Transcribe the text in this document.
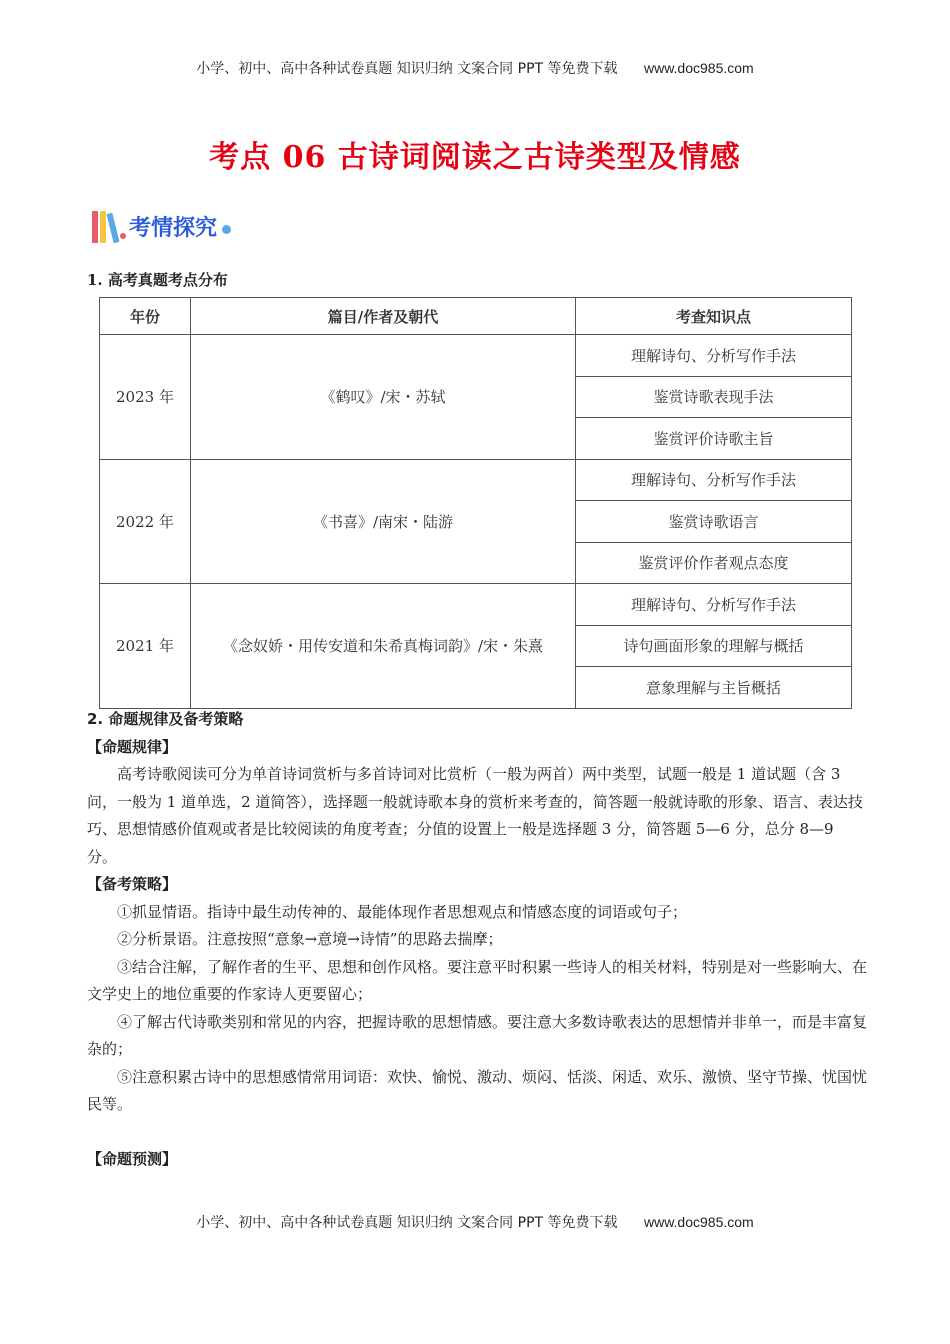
小学、初中、高中各种试卷真题 知识归纳 文案合同 PPT 等免费下载 www.doc985.com
考点 06 古诗词阅读之古诗类型及情感
考情探究
1. 高考真题考点分布
年份	篇目/作者及朝代	考查知识点
2023 年	《鹤叹》/宋・苏轼	理解诗句、分析写作手法
		鉴赏诗歌表现手法
		鉴赏评价诗歌主旨
2022 年	《书喜》/南宋・陆游	理解诗句、分析写作手法
		鉴赏诗歌语言
		鉴赏评价作者观点态度
2021 年	《念奴娇・用传安道和朱希真梅词韵》/宋・朱熹	理解诗句、分析写作手法
		诗句画面形象的理解与概括
		意象理解与主旨概括

2. 命题规律及备考策略

【命题规律】

高考诗歌阅读可分为单首诗词赏析与多首诗词对比赏析（一般为两首）两中类型，试题一般是 1 道试题（含 3 问，一般为 1 道单选，2 道简答），选择题一般就诗歌本身的赏析来考查的，简答题一般就诗歌的形象、语言、表达技巧、思想情感价值观或者是比较阅读的角度考查；分值的设置上一般是选择题 3 分，简答题 5—6 分，总分 8—9 分。

【备考策略】

①抓显情语。指诗中最生动传神的、最能体现作者思想观点和情感态度的词语或句子；

②分析景语。注意按照“意象→意境→诗情”的思路去揣摩；

③结合注解，了解作者的生平、思想和创作风格。要注意平时积累一些诗人的相关材料，特别是对一些影响大、在文学史上的地位重要的作家诗人更要留心；

④了解古代诗歌类别和常见的内容，把握诗歌的思想情感。要注意大多数诗歌表达的思想情并非单一，而是丰富复杂的；

⑤注意积累古诗中的思想感情常用词语：欢快、愉悦、激动、烦闷、恬淡、闲适、欢乐、激愤、坚守节操、忧国忧民等。

【命题预测】

小学、初中、高中各种试卷真题 知识归纳 文案合同 PPT 等免费下载 www.doc985.com
